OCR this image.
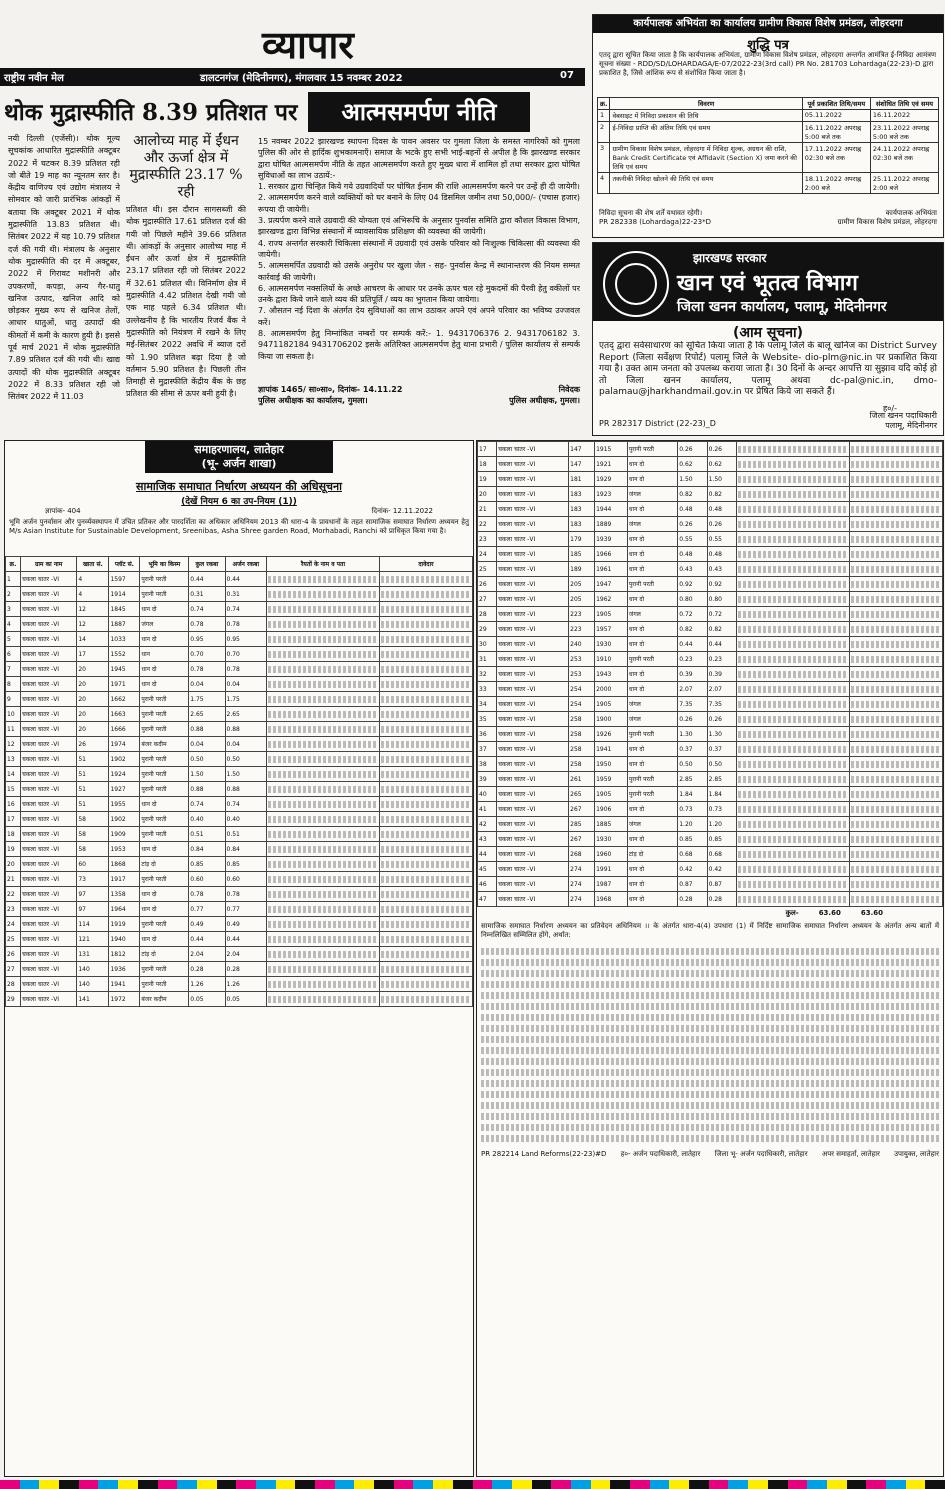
व्यापार
राष्ट्रीय नवीन मेल	डालटनगंज (मेदिनीनगर), मंगलवार 15 नवम्बर 2022	07
थोक मुद्रास्फीति 8.39 प्रतिशत पर
नयी दिल्ली (एजेंसी)। थोक मूल्य सूचकांक आधारित मुद्रास्फीति अक्टूबर 2022 में घटकर 8.39 प्रतिशत रही जो बीते 19 माह का न्यूनतम स्तर है। केंद्रीय वाणिज्य एवं उद्योग मंत्रालय ने सोमवार को जारी प्रारंभिक आंकड़ों में बताया कि अक्टूबर 2021 में थोक मुद्रास्फीति 13.83 प्रतिशत थी। सितंबर 2022 में यह 10.79 प्रतिशत दर्ज की गयी थी। मंत्रालय के अनुसार थोक मुद्रास्फीति की दर में अक्टूबर, 2022 में गिरावट मशीनरी और उपकरणों, कपड़ा, अन्य गैर-धातु खनिज उत्पाद, खनिज आदि को छोड़कर मुख्य रूप से खनिज तेलों, आधार धातुओं, धातु उत्पादों की कीमतों में कमी के कारण हुयी है। इससे पूर्व मार्च 2021 में थोक मुद्रास्फीति 7.89 प्रतिशत दर्ज की गयी थी। खाद्य उत्पादों की थोक मुद्रास्फीति अक्टूबर 2022 में 8.33 प्रतिशत रही जो सितंबर 2022 में 11.03
आलोच्य माह में ईंधन और ऊर्जा क्षेत्र में मुद्रास्फीति 23.17 % रही
प्रतिशत थी। इस दौरान सागसब्जी की थोक मुद्रास्फीति 17.61 प्रतिशत दर्ज की गयी जो पिछले महीने 39.66 प्रतिशत थी। आंकड़ों के अनुसार आलोच्य माह में ईंधन और ऊर्जा क्षेत्र में मुद्रास्फीति 23.17 प्रतिशत रही जो सितंबर 2022 में 32.61 प्रतिशत थी। विनिर्माण क्षेत्र में मुद्रास्फीति 4.42 प्रतिशत देखी गयी जो एक माह पहले 6.34 प्रतिशत थी। उल्लेखनीय है कि भारतीय रिजर्व बैंक ने मुद्रास्फीति को नियंत्रण में रखने के लिए मई-सितंबर 2022 अवधि में ब्याज दरों को 1.90 प्रतिशत बढ़ा दिया है जो वर्तमान 5.90 प्रतिशत है। पिछली तीन तिमाही से मुद्रास्फीति केंद्रीय बैंक के छह प्रतिशत की सीमा से ऊपर बनी हुयी है।
आत्मसमर्पण नीति
15 नवम्बर 2022 झारखण्ड स्थापना दिवस के पावन अवसर पर गुमला जिला के समस्त नागरिकों को गुमला पुलिस की ओर से हार्दिक शुभकामनाएँ। समाज के भटके हुए सभी भाई-बहनों से अपील है कि झारखण्ड सरकार द्वारा घोषित आत्मसमर्पण नीति के तहत आत्मसमर्पण करते हुए मुख्य धारा में शामिल हों तथा सरकार द्वारा घोषित सुविधाओं का लाभ उठायें:-
1. सरकार द्वारा चिन्हित किये गये उग्रवादियों पर घोषित ईनाम की राशि आत्मसमर्पण करने पर उन्हें ही दी जायेगी।
2. आत्मसमर्पण करने वाले व्यक्तियों को घर बनाने के लिए 04 डिसमिल जमीन तथा 50,000/- (पचास हजार) रूपया दी जायेगी।
3. प्रत्यर्पण करने वाले उग्रवादी की योग्यता एवं अभिरूचि के अनुसार पुनर्वास समिति द्वारा कौशल विकास विभाग, झारखण्ड द्वारा विभिन्न संस्थानों में व्यावसायिक प्रशिक्षण की व्यवस्था की जायेगी।
4. राज्य अन्तर्गत सरकारी चिकित्सा संस्थानों में उग्रवादी एवं उसके परिवार को निःशुल्क चिकित्सा की व्यवस्था की जायेगी।
5. आत्मसमर्पित उग्रवादी को उसके अनुरोध पर खुला जेल - सह- पुनर्वास केन्द्र में स्थानान्तरण की नियम सम्मत कार्रवाई की जायेगी।
6. आत्मसमर्पण नक्सलियों के अच्छे आचरण के आधार पर उनके ऊपर चल रहे मुकदमों की पैरवी हेतु वकीलों पर उनके द्वारा किये जाने वाले व्यय की प्रतिपूर्ति / व्यय का भुगतान किया जायेगा।
7. औसतन नई दिशा के अंतर्गत देय सुविधाओं का लाभ उठाकर अपने एवं अपने परिवार का भविष्य उज्जवल करें।
8. आत्मसमर्पण हेतु निम्नांकित नम्बरों पर सम्पर्क करें:- 1. 9431706376 2. 9431706182 3. 9471182184 9431706202 इसके अतिरिक्त आत्मसमर्पण हेतु थाना प्रभारी / पुलिस कार्यालय से सम्पर्क किया जा सकता है।
ज्ञापांक 1465/ सा०सा०, दिनांक- 14.11.22	निवेदक
पुलिस अधीक्षक का कार्यालय, गुमला।	पुलिस अधीक्षक, गुमला।
कार्यपालक अभियंता का कार्यालय ग्रामीण विकास विशेष प्रमंडल, लोहरदगा
शुद्धि पत्र
एतद् द्वारा सूचित किया जाता है कि कार्यपालक अभियंता, ग्रामीण विकास विशेष प्रमंडल, लोहरदगा अन्तर्गत आमंत्रित ई-निविदा आमंत्रण सूचना संख्या - RDD/SD/LOHARDAGA/E-07/2022-23(3rd call) PR No. 281703 Lohardaga(22-23)-D द्वारा प्रकाशित है, जिसे आंशिक रूप से संशोधित किया जाता है।
क्र.	विवरण	पूर्व प्रकाशित तिथि/समय	संशोधित तिथि एवं समय
1	वेबसाइट में निविदा प्रकाशन की तिथि	05.11.2022	16.11.2022
2	ई-निविदा प्राप्ति की अंतिम तिथि एवं समय	16.11.2022 अपराह्न 5:00 बजे तक	23.11.2022 अपराह्न 5:00 बजे तक
3	ग्रामीण विकास विशेष प्रमंडल, लोहरदगा में निविदा शुल्क, अग्रधन की राशि, Bank Credit Certificate एवं Affidavit (Section X) जमा करने की तिथि एवं समय	17.11.2022 अपराह्न 02:30 बजे तक	24.11.2022 अपराह्न 02:30 बजे तक
4	तकनीकी निविदा खोलने की तिथि एवं समय	18.11.2022 अपराह्न 2:00 बजे	25.11.2022 अपराह्न 2:00 बजे
निविदा सूचना की शेष शर्तें यथावत रहेगी।	कार्यपालक अभियंता
PR 282338 (Lohardaga)22-23*D	ग्रामीण विकास विशेष प्रमंडल, लोहरदगा
झारखण्ड सरकार
खान एवं भूतत्व विभाग
जिला खनन कार्यालय, पलामू, मेदिनीनगर
(आम सूचना)
एतद् द्वारा सर्वसाधारण को सूचित किया जाता है कि पलामू जिले के बालू खनिज का District Survey Report (जिला सर्वेक्षण रिपोर्ट) पलामू जिले के Website- dio-plm@nic.in पर प्रकाशित किया गया है। उक्त आम जनता को उपलब्ध कराया जाता है। 30 दिनों के अन्दर आपत्ति या सुझाव यदि कोई हो तो जिला खनन कार्यालय, पलामू अथवा dc-pal@nic.in, dmo-palamau@jharkhandmail.gov.in पर प्रेषित किये जा सकते हैं।
ह०/-
PR 282317 District (22-23)_D
जिला खनन पदाधिकारी
पलामू, मेदिनीनगर
समाहरणालय, लातेहार
(भू- अर्जन शाखा)
सामाजिक समाघात निर्धारण अध्ययन की अधिसूचना
(देखें नियम 6 का उप-नियम (1))
ज्ञापांक- 404	दिनांक- 12.11.2022
भूमि अर्जन पुनर्वासन और पुनर्व्यवस्थापन में उचित प्रतिकर और पारदर्शिता का अधिकार अधिनियम 2013 की धारा-4 के प्रावधानों के तहत सामाजिक समाघात निर्धारण अध्ययन हेतु M/s Asian Institute for Sustainable Development, Sreenibas, Asha Shree garden Road, Morhabadi, Ranchi को प्राधिकृत किया गया है।
क्र.	ग्राम का नाम	खाता सं.	प्लॉट सं.	भूमि का किस्म	कुल रकबा	अर्जन रकबा	रैयतों के नाम व पता	दावेदार
1	चकला चातर -VI	4	1597	पुरानी परती	0.44	0.44	

2	चकला चातर -VI	4	1914	पुरानी परती	0.31	0.31	

3	चकला चातर -VI	12	1845	धान दो	0.74	0.74	

4	चकला चातर -VI	12	1887	जंगल	0.78	0.78	

5	चकला चातर -VI	14	1033	धान दो	0.95	0.95	

6	चकला चातर -VI	17	1552	धान	0.70	0.70	

7	चकला चातर -VI	20	1945	धान दो	0.78	0.78	

8	चकला चातर -VI	20	1971	धान दो	0.04	0.04	

9	चकला चातर -VI	20	1662	पुरानी परती	1.75	1.75	

10	चकला चातर -VI	20	1663	पुरानी परती	2.65	2.65	

11	चकला चातर -VI	20	1666	पुरानी परती	0.88	0.88	

12	चकला चातर -VI	26	1974	बंजर कदीम	0.04	0.04	

13	चकला चातर -VI	51	1902	पुरानी परती	0.50	0.50	

14	चकला चातर -VI	51	1924	पुरानी परती	1.50	1.50	

15	चकला चातर -VI	51	1927	पुरानी परती	0.88	0.88	

16	चकला चातर -VI	51	1955	धान दो	0.74	0.74	

17	चकला चातर -VI	58	1902	पुरानी परती	0.40	0.40	

18	चकला चातर -VI	58	1909	पुरानी परती	0.51	0.51	

19	चकला चातर -VI	58	1953	धान दो	0.84	0.84	

20	चकला चातर -VI	60	1868	टांड़ दो	0.85	0.85	

21	चकला चातर -VI	73	1917	पुरानी परती	0.60	0.60	

22	चकला चातर -VI	97	1358	धान दो	0.78	0.78	

23	चकला चातर -VI	97	1964	धान दो	0.77	0.77	

24	चकला चातर -VI	114	1919	पुरानी परती	0.49	0.49	

25	चकला चातर -VI	121	1940	धान दो	0.44	0.44	

26	चकला चातर -VI	131	1812	टांड़ दो	2.04	2.04	

27	चकला चातर -VI	140	1936	पुरानी परती	0.28	0.28	

28	चकला चातर -VI	140	1941	पुरानी परती	1.26	1.26	

29	चकला चातर -VI	141	1972	बंजर कदीम	0.05	0.05	

17	चकला चातर -VI	147	1915	पुरानी परती	0.26	0.26	

18	चकला चातर -VI	147	1921	धान दो	0.62	0.62	

19	चकला चातर -VI	181	1929	धान दो	1.50	1.50	

20	चकला चातर -VI	183	1923	जंगल	0.82	0.82	

21	चकला चातर -VI	183	1944	धान दो	0.48	0.48	

22	चकला चातर -VI	183	1889	जंगल	0.26	0.26	

23	चकला चातर -VI	179	1939	धान दो	0.55	0.55	

24	चकला चातर -VI	185	1966	धान दो	0.48	0.48	

25	चकला चातर -VI	189	1961	धान दो	0.43	0.43	

26	चकला चातर -VI	205	1947	पुरानी परती	0.92	0.92	

27	चकला चातर -VI	205	1962	धान दो	0.80	0.80	

28	चकला चातर -VI	223	1905	जंगल	0.72	0.72	

29	चकला चातर -VI	223	1957	धान दो	0.82	0.82	

30	चकला चातर -VI	240	1930	धान दो	0.44	0.44	

31	चकला चातर -VI	253	1910	पुरानी परती	0.23	0.23	

32	चकला चातर -VI	253	1943	धान दो	0.39	0.39	

33	चकला चातर -VI	254	2000	धान दो	2.07	2.07	

34	चकला चातर -VI	254	1905	जंगल	7.35	7.35	

35	चकला चातर -VI	258	1900	जंगल	0.26	0.26	

36	चकला चातर -VI	258	1926	पुरानी परती	1.30	1.30	

37	चकला चातर -VI	258	1941	धान दो	0.37	0.37	

38	चकला चातर -VI	258	1950	धान दो	0.50	0.50	

39	चकला चातर -VI	261	1959	पुरानी परती	2.85	2.85	

40	चकला चातर -VI	265	1905	पुरानी परती	1.84	1.84	

41	चकला चातर -VI	267	1906	धान दो	0.73	0.73	

42	चकला चातर -VI	285	1885	जंगल	1.20	1.20	

43	चकला चातर -VI	267	1930	धान दो	0.85	0.85	

44	चकला चातर -VI	268	1960	टांड़ दो	0.68	0.68	

45	चकला चातर -VI	274	1991	धान दो	0.42	0.42	

46	चकला चातर -VI	274	1987	धान दो	0.87	0.87	

47	चकला चातर -VI	274	1968	धान दो	0.28	0.28	

कुल-	63.60	63.60
सामाजिक समाघात निर्धारण अध्ययन का प्रतिवेदन अधिनियम ।। के अंतर्गत धारा-4(4) उपधारा (1) में निर्दिष्ट सामाजिक समाघात निर्धारण अध्ययन के अंतर्गत अन्य बातों में निम्नलिखित सम्मिलित होंगे, अर्थात:
PR 282214 Land Reforms(22-23)#D ह०- अर्जन पदाधिकारी, लातेहार जिला भू- अर्जन पदाधिकारी, लातेहार अपर समाहर्ता, लातेहार उपायुक्त, लातेहार
